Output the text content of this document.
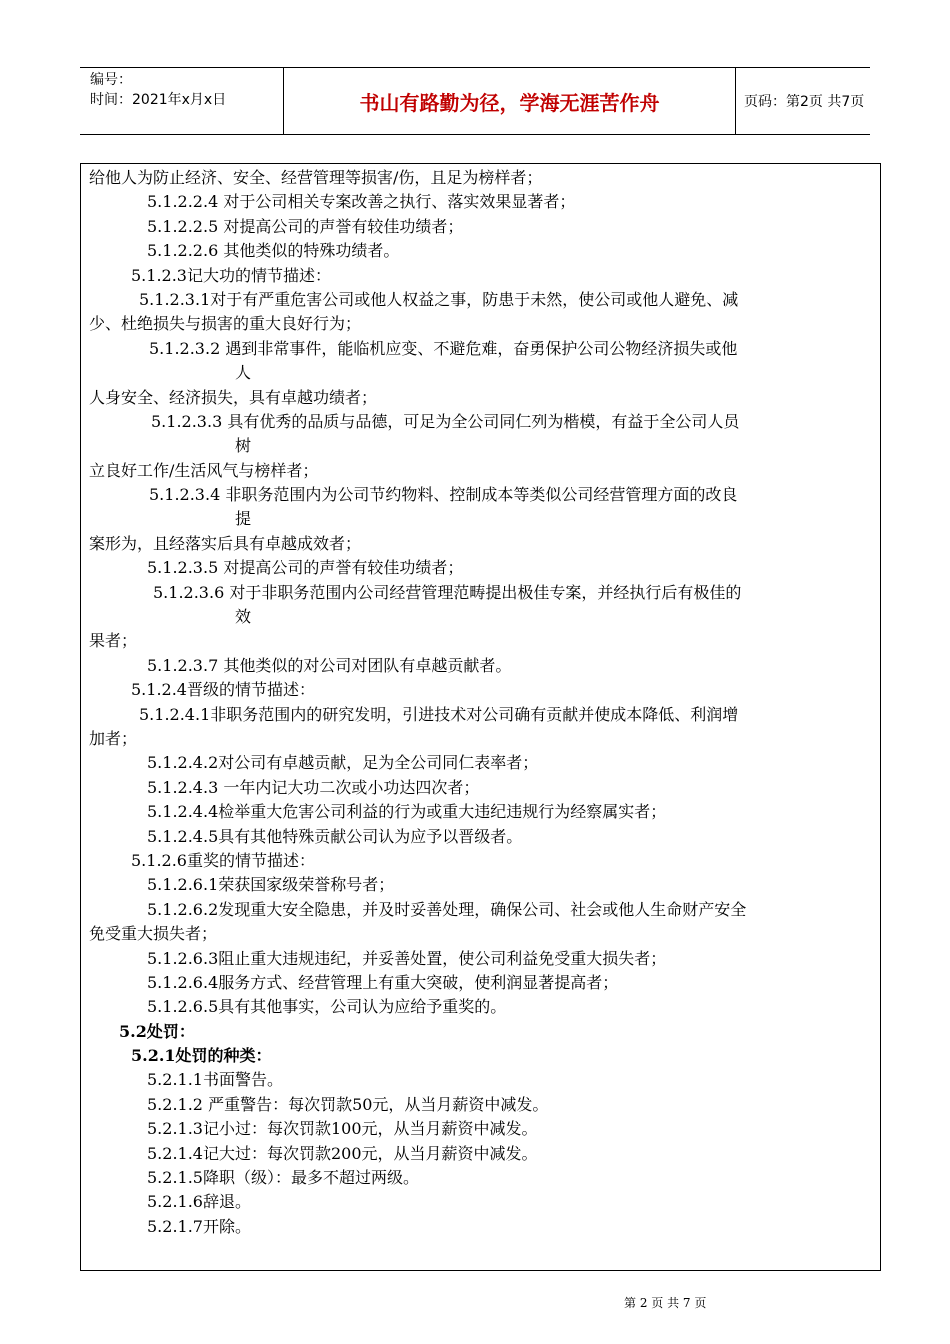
编号：
时间：2021年x月x日	书山有路勤为径，学海无涯苦作舟	页码：第2页 共7页
给他人为防止经济、安全、经营管理等损害/伤，且足为榜样者；
5.1.2.2.4 对于公司相关专案改善之执行、落实效果显著者；
5.1.2.2.5 对提高公司的声誉有较佳功绩者；
5.1.2.2.6 其他类似的特殊功绩者。
5.1.2.3记大功的情节描述：
5.1.2.3.1对于有严重危害公司或他人权益之事，防患于未然，使公司或他人避免、减
少、杜绝损失与损害的重大良好行为；
5.1.2.3.2 遇到非常事件，能临机应变、不避危难，奋勇保护公司公物经济损失或他
人
人身安全、经济损失，具有卓越功绩者；
5.1.2.3.3 具有优秀的品质与品德，可足为全公司同仁列为楷模，有益于全公司人员
树
立良好工作/生活风气与榜样者；
5.1.2.3.4 非职务范围内为公司节约物料、控制成本等类似公司经营管理方面的改良
提
案形为，且经落实后具有卓越成效者；
5.1.2.3.5 对提高公司的声誉有较佳功绩者；
5.1.2.3.6 对于非职务范围内公司经营管理范畴提出极佳专案，并经执行后有极佳的
效
果者；
5.1.2.3.7 其他类似的对公司对团队有卓越贡献者。
5.1.2.4晋级的情节描述：
5.1.2.4.1非职务范围内的研究发明，引进技术对公司确有贡献并使成本降低、利润增
加者；
5.1.2.4.2对公司有卓越贡献，足为全公司同仁表率者；
5.1.2.4.3 一年内记大功二次或小功达四次者；
5.1.2.4.4检举重大危害公司利益的行为或重大违纪违规行为经察属实者；
5.1.2.4.5具有其他特殊贡献公司认为应予以晋级者。
5.1.2.6重奖的情节描述：
5.1.2.6.1荣获国家级荣誉称号者；
5.1.2.6.2发现重大安全隐患，并及时妥善处理，确保公司、社会或他人生命财产安全
免受重大损失者；
5.1.2.6.3阻止重大违规违纪，并妥善处置，使公司利益免受重大损失者；
5.1.2.6.4服务方式、经营管理上有重大突破，使利润显著提高者；
5.1.2.6.5具有其他事实，公司认为应给予重奖的。
5.2处罚：
5.2.1处罚的种类：
5.2.1.1书面警告。
5.2.1.2 严重警告：每次罚款50元，从当月薪资中减发。
5.2.1.3记小过：每次罚款100元，从当月薪资中减发。
5.2.1.4记大过：每次罚款200元，从当月薪资中减发。
5.2.1.5降职（级）：最多不超过两级。
5.2.1.6辞退。
5.2.1.7开除。
第 2 页 共 7 页
